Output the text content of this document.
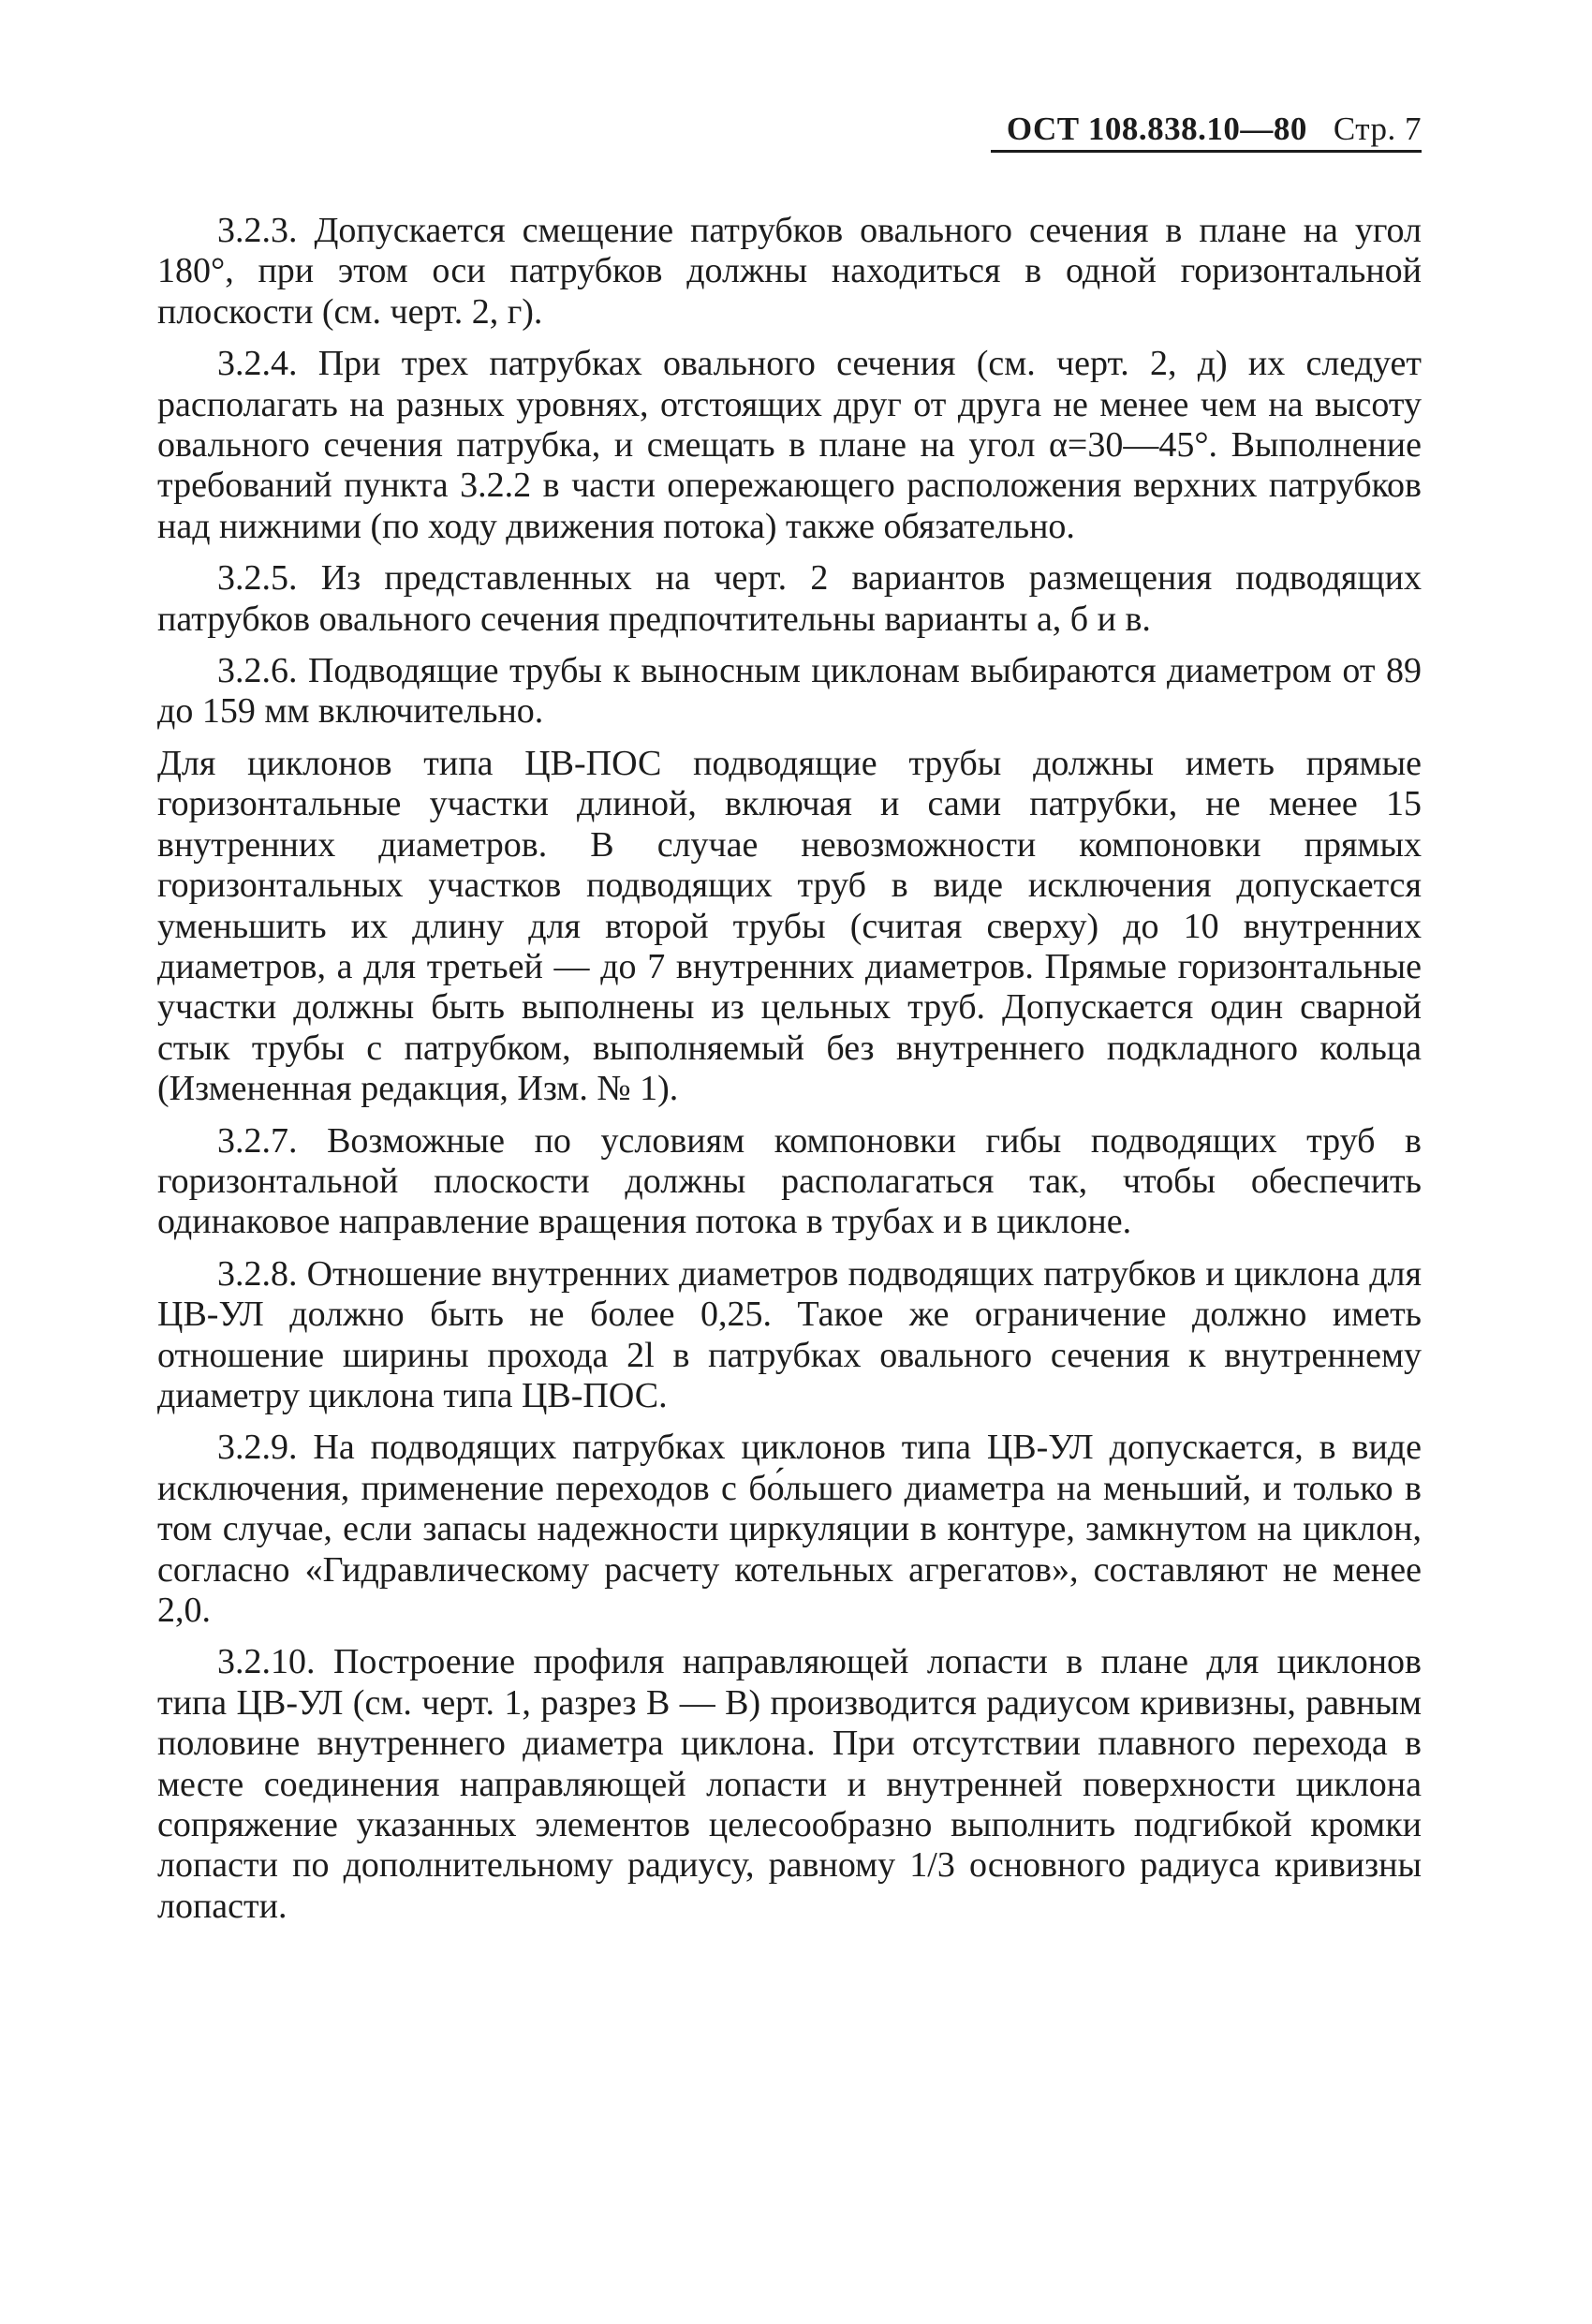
ОСТ 108.838.10—80 Стр. 7

3.2.3. Допускается смещение патрубков овального сечения в плане на угол 180°, при этом оси патрубков должны находиться в одной горизонтальной плоскости (см. черт. 2, г).

3.2.4. При трех патрубках овального сечения (см. черт. 2, д) их следует располагать на разных уровнях, отстоящих друг от друга не менее чем на высоту овального сечения патрубка, и смещать в плане на угол α=30—45°. Выполнение требований пункта 3.2.2 в части опережающего расположения верхних патрубков над нижними (по ходу движения потока) также обязательно.

3.2.5. Из представленных на черт. 2 вариантов размещения подводящих патрубков овального сечения предпочтительны варианты а, б и в.

3.2.6. Подводящие трубы к выносным циклонам выбираются диаметром от 89 до 159 мм включительно.

Для циклонов типа ЦВ-ПОС подводящие трубы должны иметь прямые горизонтальные участки длиной, включая и сами патрубки, не менее 15 внутренних диаметров. В случае невозможности компоновки прямых горизонтальных участков подводящих труб в виде исключения допускается уменьшить их длину для второй трубы (считая сверху) до 10 внутренних диаметров, а для третьей — до 7 внутренних диаметров. Прямые горизонтальные участки должны быть выполнены из цельных труб. Допускается один сварной стык трубы с патрубком, выполняемый без внутреннего подкладного кольца (Измененная редакция, Изм. № 1).

3.2.7. Возможные по условиям компоновки гибы подводящих труб в горизонтальной плоскости должны располагаться так, чтобы обеспечить одинаковое направление вращения потока в трубах и в циклоне.

3.2.8. Отношение внутренних диаметров подводящих патрубков и циклона для ЦВ-УЛ должно быть не более 0,25. Такое же ограничение должно иметь отношение ширины прохода 2l в патрубках овального сечения к внутреннему диаметру циклона типа ЦВ-ПОС.

3.2.9. На подводящих патрубках циклонов типа ЦВ-УЛ допускается, в виде исключения, применение переходов с бо́льшего диаметра на меньший, и только в том случае, если запасы надежности циркуляции в контуре, замкнутом на циклон, согласно «Гидравлическому расчету котельных агрегатов», составляют не менее 2,0.

3.2.10. Построение профиля направляющей лопасти в плане для циклонов типа ЦВ-УЛ (см. черт. 1, разрез В — В) производится радиусом кривизны, равным половине внутреннего диаметра циклона. При отсутствии плавного перехода в месте соединения направляющей лопасти и внутренней поверхности циклона сопряжение указанных элементов целесообразно выполнить подгибкой кромки лопасти по дополнительному радиусу, равному 1/3 основного радиуса кривизны лопасти.
